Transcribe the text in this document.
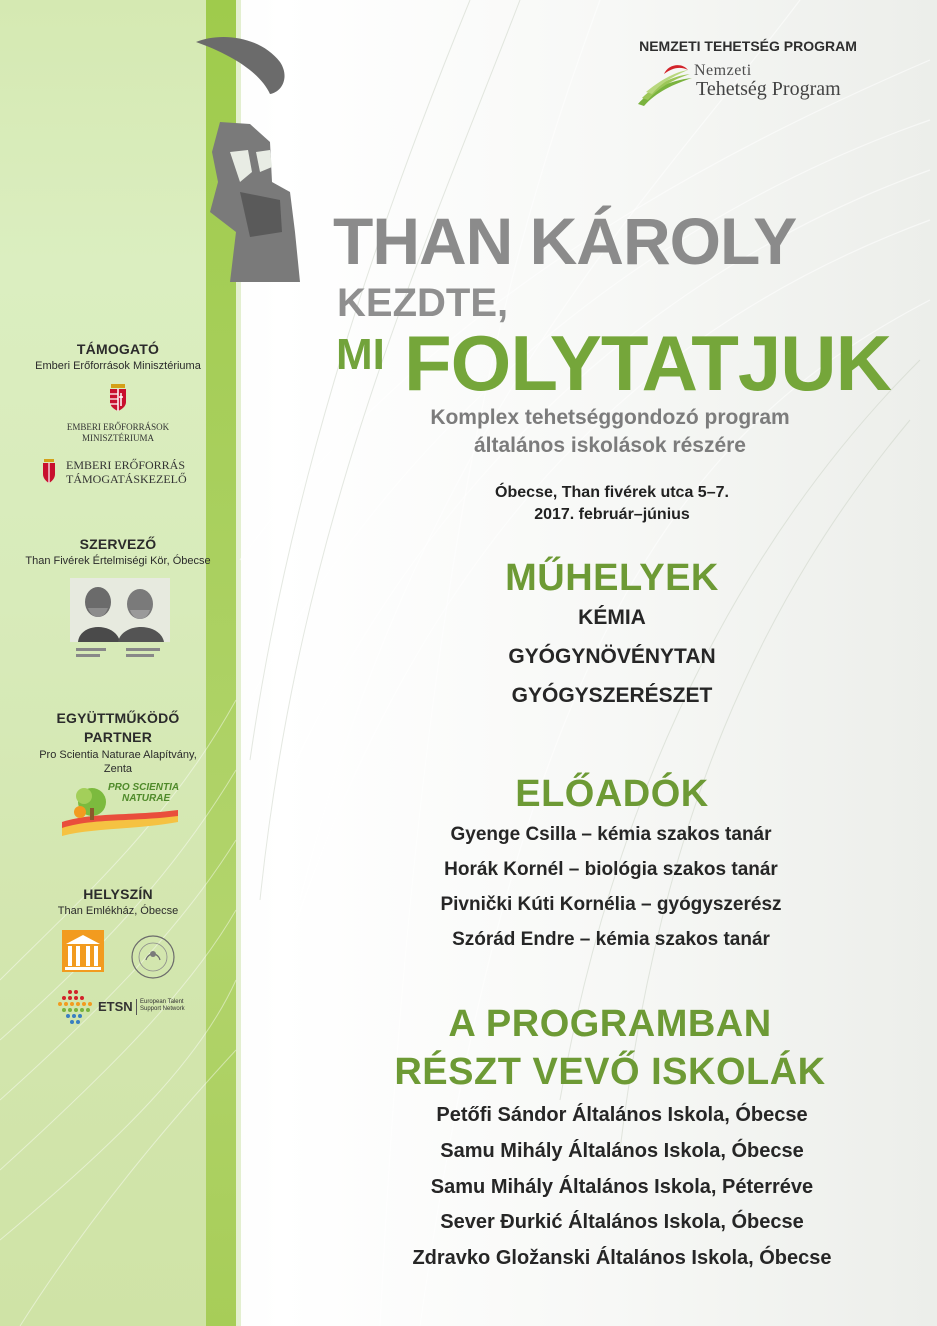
NEMZETI TEHETSÉG PROGRAM
Nemzeti
Tehetség Program
THAN KÁROLY
KEZDTE,
MI FOLYTATJUK
Komplex tehetséggondozó program
általános iskolások részére
Óbecse, Than fivérek utca 5–7.
2017. február–június
MŰHELYEK
KÉMIA
GYÓGYNÖVÉNYTAN
GYÓGYSZERÉSZET
ELŐADÓK
Gyenge Csilla – kémia szakos tanár
Horák Kornél – biológia szakos tanár
Pivnički Kúti Kornélia – gyógyszerész
Szórád Endre – kémia szakos tanár
A PROGRAMBAN
RÉSZT VEVŐ ISKOLÁK
Petőfi Sándor Általános Iskola, Óbecse
Samu Mihály Általános Iskola, Óbecse
Samu Mihály Általános Iskola, Péterréve
Sever Đurkić Általános Iskola, Óbecse
Zdravko Gložanski Általános Iskola, Óbecse
TÁMOGATÓ
Emberi Erőforrások Minisztériuma
EMBERI ERŐFORRÁSOK
MINISZTÉRIUMA
EMBERI ERŐFORRÁS
TÁMOGATÁSKEZELŐ
SZERVEZŐ
Than Fivérek Értelmiségi Kör, Óbecse
EGYÜTTMŰKÖDŐ
PARTNER
Pro Scientia Naturae Alapítvány,
Zenta
PRO SCIENTIA
NATURAE
HELYSZÍN
Than Emlékház, Óbecse
ETSN European Talent
Support Network
